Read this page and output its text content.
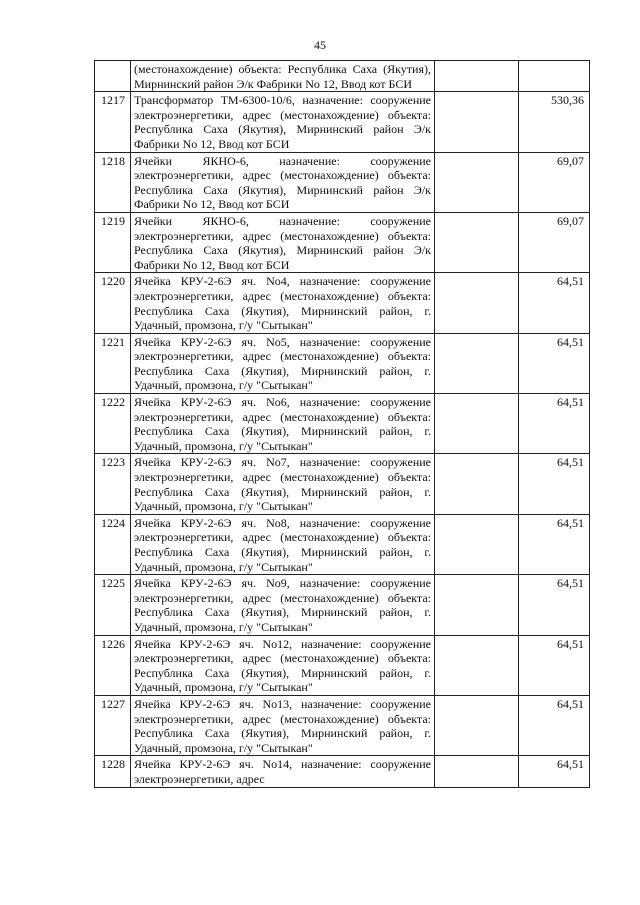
45
	(местонахождение) объекта: Республика Саха (Якутия), Мирнинский район Э/к Фабрики No 12, Ввод кот БСИ		
1217	Трансформатор ТМ-6300-10/6, назначение: сооружение электроэнергетики, адрес (местонахождение) объекта: Республика Саха (Якутия), Мирнинский район Э/к Фабрики No 12, Ввод кот БСИ		530,36
1218	Ячейки ЯКНО-6, назначение: сооружение электроэнергетики, адрес (местонахождение) объекта: Республика Саха (Якутия), Мирнинский район Э/к Фабрики No 12, Ввод кот БСИ		69,07
1219	Ячейки ЯКНО-6, назначение: сооружение электроэнергетики, адрес (местонахождение) объекта: Республика Саха (Якутия), Мирнинский район Э/к Фабрики No 12, Ввод кот БСИ		69,07
1220	Ячейка КРУ-2-6Э яч. No4, назначение: сооружение электроэнергетики, адрес (местонахождение) объекта: Республика Саха (Якутия), Мирнинский район, г. Удачный, промзона, г/у "Сытыкан"		64,51
1221	Ячейка КРУ-2-6Э яч. No5, назначение: сооружение электроэнергетики, адрес (местонахождение) объекта: Республика Саха (Якутия), Мирнинский район, г. Удачный, промзона, г/у "Сытыкан"		64,51
1222	Ячейка КРУ-2-6Э яч. No6, назначение: сооружение электроэнергетики, адрес (местонахождение) объекта: Республика Саха (Якутия), Мирнинский район, г. Удачный, промзона, г/у "Сытыкан"		64,51
1223	Ячейка КРУ-2-6Э яч. No7, назначение: сооружение электроэнергетики, адрес (местонахождение) объекта: Республика Саха (Якутия), Мирнинский район, г. Удачный, промзона, г/у "Сытыкан"		64,51
1224	Ячейка КРУ-2-6Э яч. No8, назначение: сооружение электроэнергетики, адрес (местонахождение) объекта: Республика Саха (Якутия), Мирнинский район, г. Удачный, промзона, г/у "Сытыкан"		64,51
1225	Ячейка КРУ-2-6Э яч. No9, назначение: сооружение электроэнергетики, адрес (местонахождение) объекта: Республика Саха (Якутия), Мирнинский район, г. Удачный, промзона, г/у "Сытыкан"		64,51
1226	Ячейка КРУ-2-6Э яч. No12, назначение: сооружение электроэнергетики, адрес (местонахождение) объекта: Республика Саха (Якутия), Мирнинский район, г. Удачный, промзона, г/у "Сытыкан"		64,51
1227	Ячейка КРУ-2-6Э яч. No13, назначение: сооружение электроэнергетики, адрес (местонахождение) объекта: Республика Саха (Якутия), Мирнинский район, г. Удачный, промзона, г/у "Сытыкан"		64,51
1228	Ячейка КРУ-2-6Э яч. No14, назначение: сооружение электроэнергетики, адрес		64,51
